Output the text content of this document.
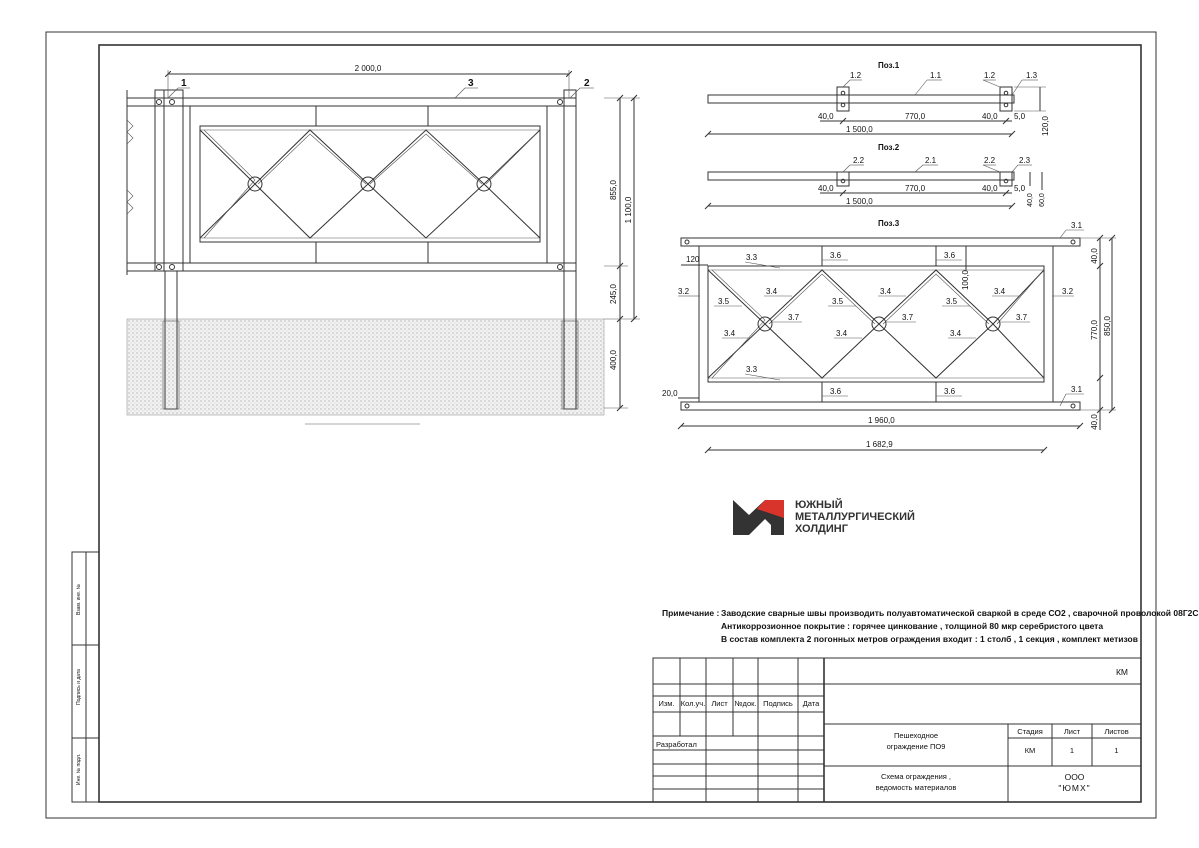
Взам. инв. №
Подпись и дата
Инв. № подл.
2 000,0
1	3	2
855,0
1 100,0
245,0
400,0
Поз.1
1.2	1.1	1.2	1.3
40,0	770,0	40,0 5,0
1 500,0	120,0
Поз.2
2.2	2.1	2.2	2.3
40,0	770,0	40,0 5,0
1 500,0	40,0 60,0
Поз.3	3.1
3.1
3.2	3.2
3.3
3.3
3.6	3.6
3.6	3.6
3.5	3.5	3.5
3.4	3.4	3.4
3.4	3.4	3.4
3.7	3.7	3.7
120
100,0
20,0
1 960,0
1 682,9
40,0
770,0 850,0
40,0
ЮЖНЫЙ
МЕТАЛЛУРГИЧЕСКИЙ
ХОЛДИНГ
Примечание : Заводские сварные швы производить полуавтоматической сваркой в среде СО2 , сварочной проволокой 08Г2С
Антикоррозионное покрытие : горячее цинкование , толщиной 80 мкр серебристого цвета
В состав комплекта 2 погонных метров ограждения входит : 1 столб , 1 секция , комплект метизов
КМ
Изм. Кол.уч. Лист №док. Подпись	Дата
Разработал
Пешеходное
ограждение ПО9
Стадия	Лист	Листов
КМ	1	1
Схема ограждения ,
ведомость материалов
ООО
"ЮМХ"
